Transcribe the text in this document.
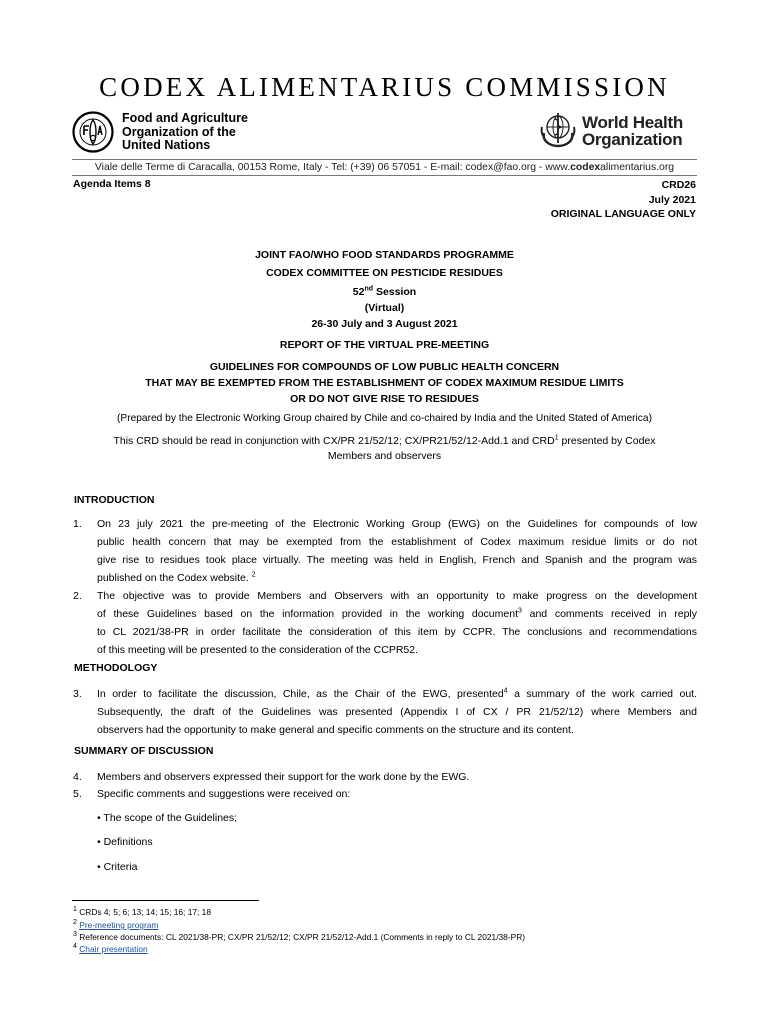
CODEX ALIMENTARIUS COMMISSION
Food and Agriculture
Organization of the
United Nations
World Health
Organization
Viale delle Terme di Caracalla, 00153 Rome, Italy - Tel: (+39) 06 57051 - E-mail: codex@fao.org - www.codexalimentarius.org
Agenda Items 8	CRD26
July 2021
ORIGINAL LANGUAGE ONLY
JOINT FAO/WHO FOOD STANDARDS PROGRAMME
CODEX COMMITTEE ON PESTICIDE RESIDUES
52nd Session
(Virtual)
26-30 July and 3 August 2021
REPORT OF THE VIRTUAL PRE-MEETING
GUIDELINES FOR COMPOUNDS OF LOW PUBLIC HEALTH CONCERN
THAT MAY BE EXEMPTED FROM THE ESTABLISHMENT OF CODEX MAXIMUM RESIDUE LIMITS
OR DO NOT GIVE RISE TO RESIDUES
(Prepared by the Electronic Working Group chaired by Chile and co-chaired by India and the United Stated of America)
This CRD should be read in conjunction with CX/PR 21/52/12; CX/PR21/52/12-Add.1 and CRD$^1$ presented by Codex
Members and observers
INTRODUCTION
1. On 23 july 2021 the pre-meeting of the Electronic Working Group (EWG) on the Guidelines for compounds of low
public health concern that may be exempted from the establishment of Codex maximum residue limits or do not
give rise to residues took place virtually. The meeting was held in English, French and Spanish and the program was
published on the Codex website. $^2$
2. The objective was to provide Members and Observers with an opportunity to make progress on the development
of these Guidelines based on the information provided in the working document$^3$ and comments received in reply
to CL 2021/38-PR in order facilitate the consideration of this item by CCPR. The conclusions and recommendations
of this meeting will be presented to the consideration of the CCPR52.
METHODOLOGY
3. In order to facilitate the discussion, Chile, as the Chair of the EWG, presented$^4$ a summary of the work carried out.
Subsequently, the draft of the Guidelines was presented (Appendix I of CX / PR 21/52/12) where Members and
observers had the opportunity to make general and specific comments on the structure and its content.
SUMMARY OF DISCUSSION
4. Members and observers expressed their support for the work done by the EWG.
5. Specific comments and suggestions were received on:
• The scope of the Guidelines;
• Definitions
• Criteria
$^1$ CRDs 4; 5; 6; 13; 14; 15; 16; 17; 18
$^2$ Pre-meeting program
$^3$ Reference documents: CL 2021/38-PR; CX/PR 21/52/12; CX/PR 21/52/12-Add.1 (Comments in reply to CL 2021/38-PR)
$^4$ Chair presentation
